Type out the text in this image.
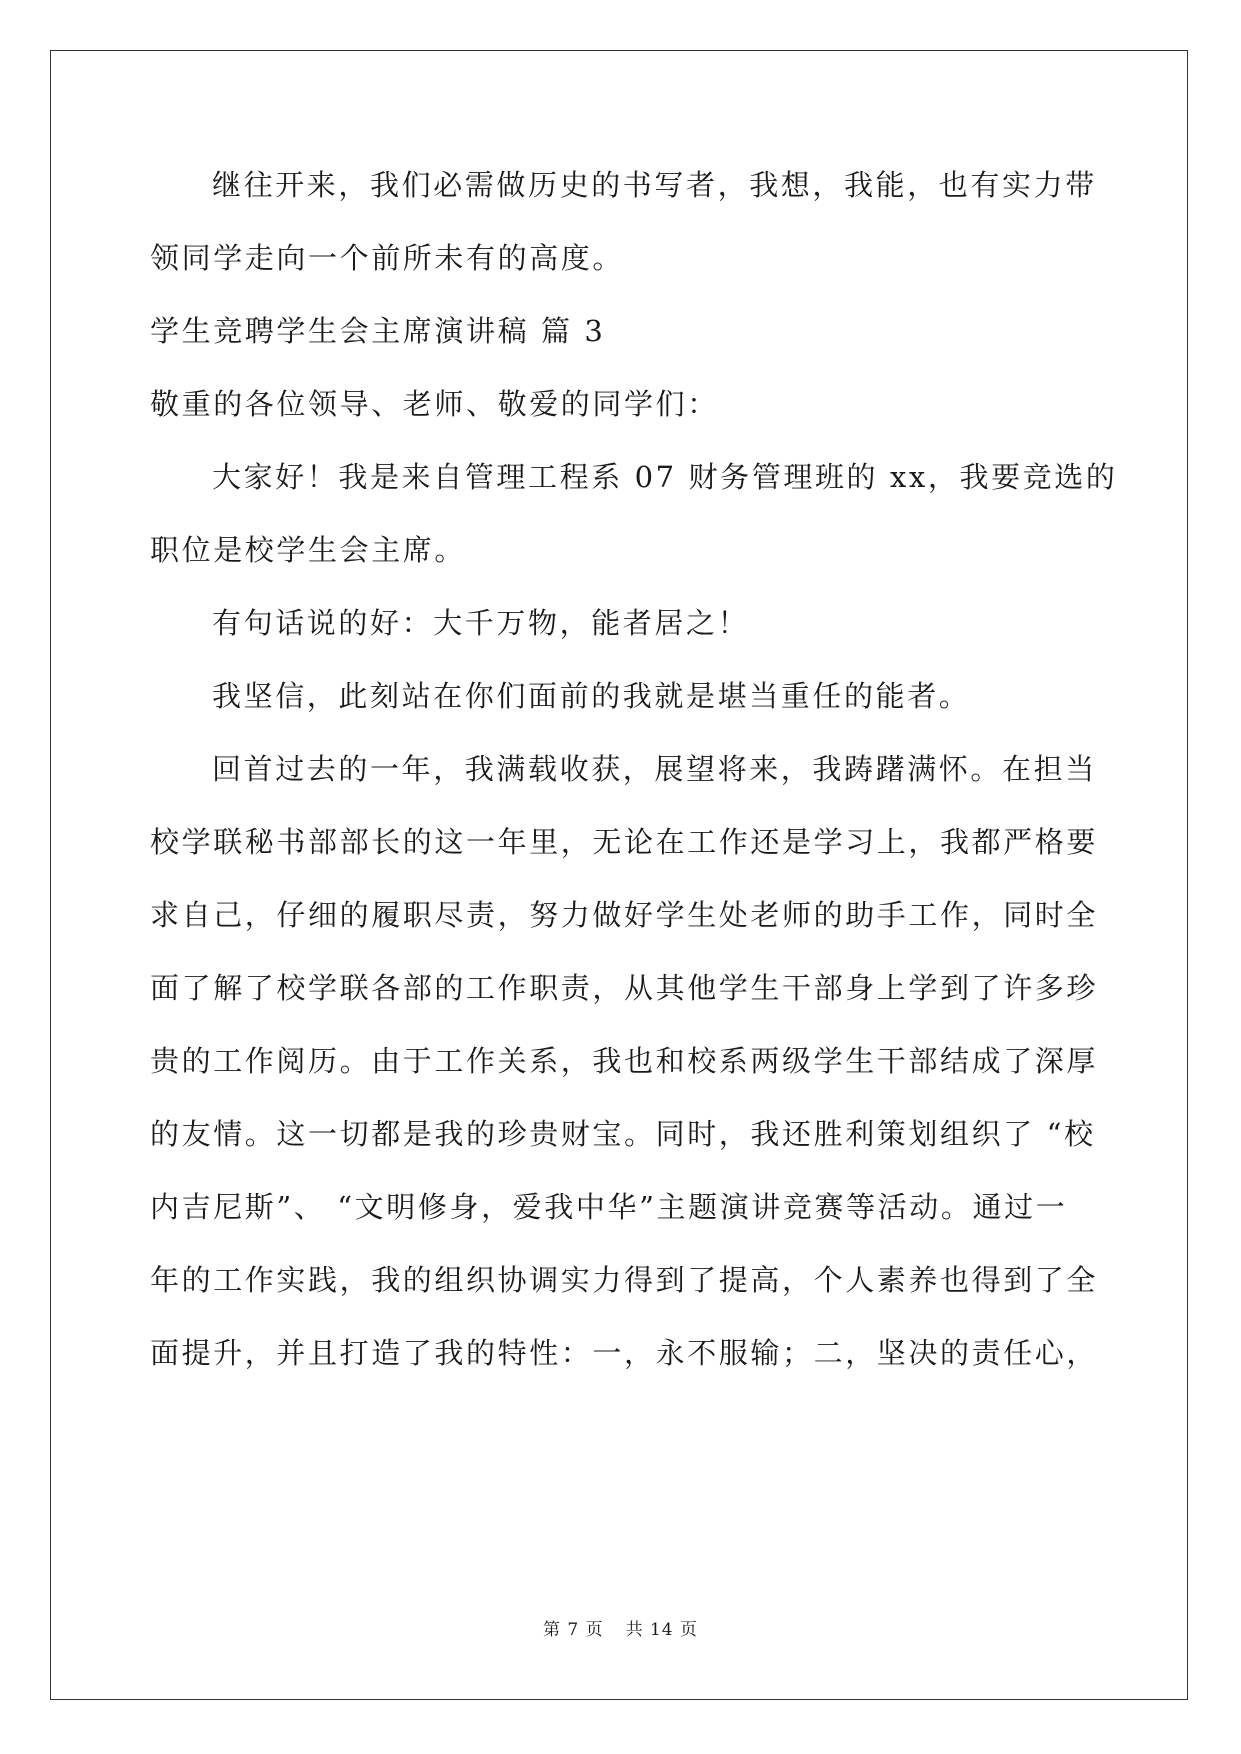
继往开来，我们必需做历史的书写者，我想，我能，也有实力带
领同学走向一个前所未有的高度。
学生竞聘学生会主席演讲稿 篇 3
敬重的各位领导、老师、敬爱的同学们：
大家好！我是来自管理工程系 07 财务管理班的 xx，我要竞选的
职位是校学生会主席。
有句话说的好：大千万物，能者居之！
我坚信，此刻站在你们面前的我就是堪当重任的能者。
回首过去的一年，我满载收获，展望将来，我踌躇满怀。在担当
校学联秘书部部长的这一年里，无论在工作还是学习上，我都严格要
求自己，仔细的履职尽责，努力做好学生处老师的助手工作，同时全
面了解了校学联各部的工作职责，从其他学生干部身上学到了许多珍
贵的工作阅历。由于工作关系，我也和校系两级学生干部结成了深厚
的友情。这一切都是我的珍贵财宝。同时，我还胜利策划组织了 “校
内吉尼斯”、 “文明修身，爱我中华”主题演讲竞赛等活动。通过一
年的工作实践，我的组织协调实力得到了提高，个人素养也得到了全
面提升，并且打造了我的特性：一，永不服输；二，坚决的责任心，
第 7 页 共 14 页
